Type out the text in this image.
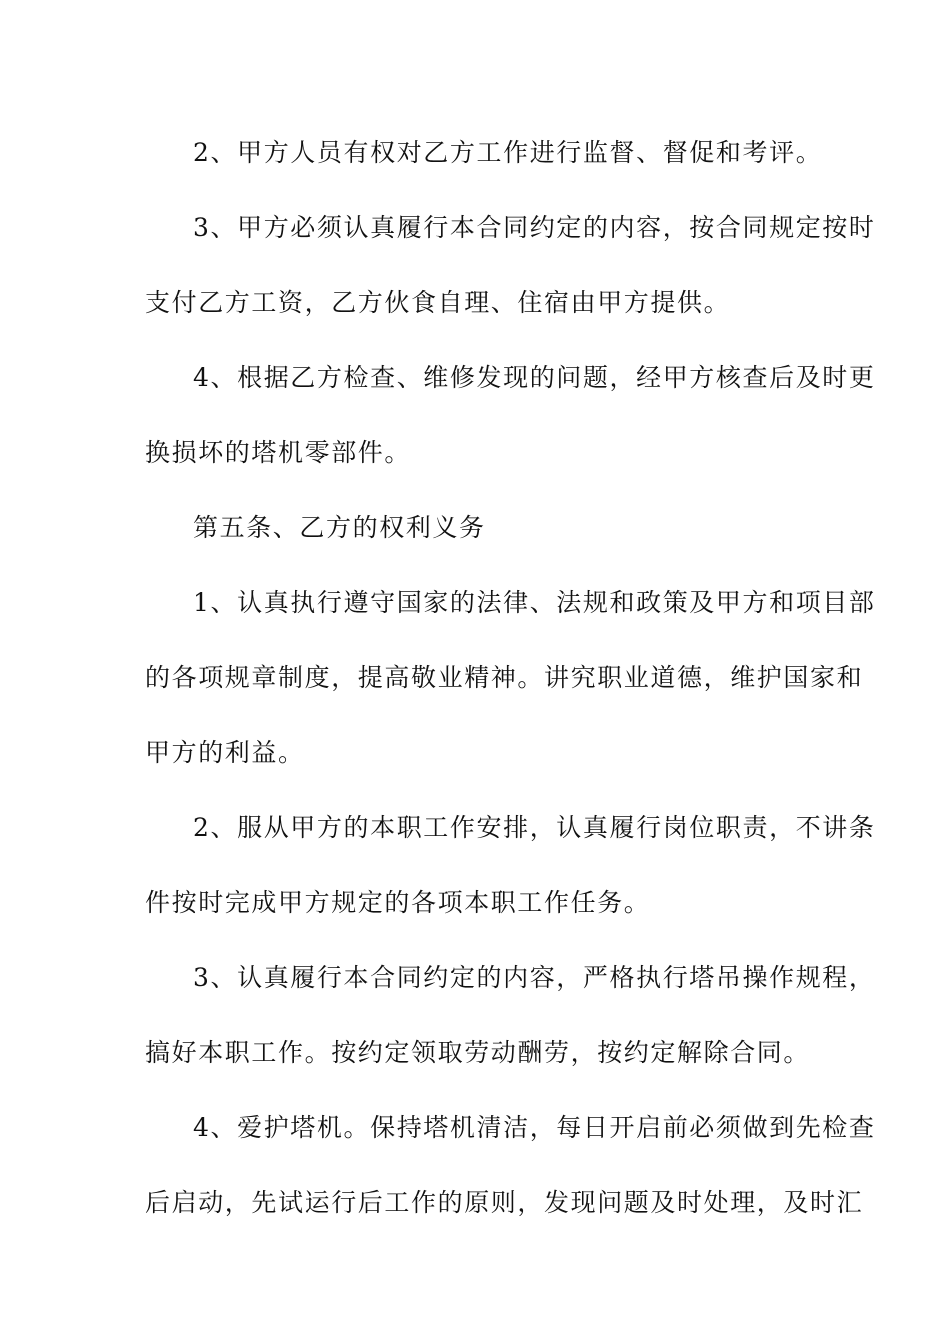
2、甲方人员有权对乙方工作进行监督、督促和考评。
3、甲方必须认真履行本合同约定的内容，按合同规定按时
支付乙方工资，乙方伙食自理、住宿由甲方提供。
4、根据乙方检查、维修发现的问题，经甲方核查后及时更
换损坏的塔机零部件。
第五条、乙方的权利义务
1、认真执行遵守国家的法律、法规和政策及甲方和项目部
的各项规章制度，提高敬业精神。讲究职业道德，维护国家和
甲方的利益。
2、服从甲方的本职工作安排，认真履行岗位职责，不讲条
件按时完成甲方规定的各项本职工作任务。
3、认真履行本合同约定的内容，严格执行塔吊操作规程，
搞好本职工作。按约定领取劳动酬劳，按约定解除合同。
4、爱护塔机。保持塔机清洁，每日开启前必须做到先检查
后启动，先试运行后工作的原则，发现问题及时处理，及时汇
